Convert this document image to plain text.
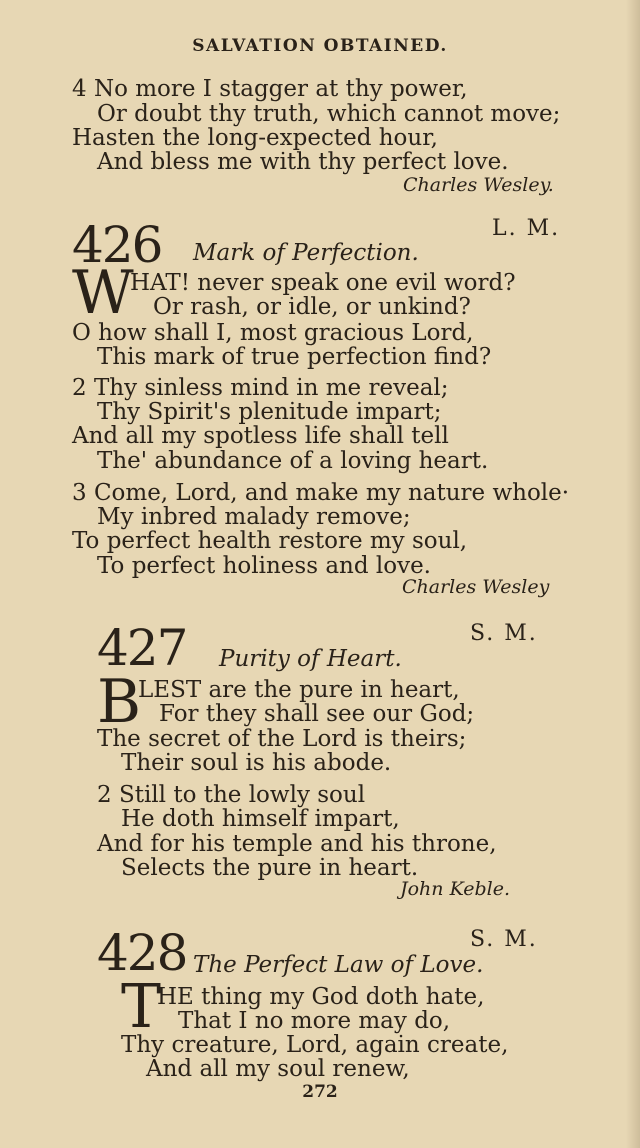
SALVATION OBTAINED.
4 No more I stagger at thy power,
Or doubt thy truth, which cannot move;
Hasten the long-expected hour,
And bless me with thy perfect love.
Charles Wesley.
426	L. M.
Mark of Perfection.
W
HAT! never speak one evil word?
Or rash, or idle, or unkind?
O how shall I, most gracious Lord,
This mark of true perfection find?
2 Thy sinless mind in me reveal;
Thy Spirit's plenitude impart;
And all my spotless life shall tell
The' abundance of a loving heart.
3 Come, Lord, and make my nature whole·
My inbred malady remove;
To perfect health restore my soul,
To perfect holiness and love.
Charles Wesley
427	S. M.
Purity of Heart.
B
LEST are the pure in heart,
For they shall see our God;
The secret of the Lord is theirs;
Their soul is his abode.
2 Still to the lowly soul
He doth himself impart,
And for his temple and his throne,
Selects the pure in heart.
John Keble.
428	S. M.
The Perfect Law of Love.
T
HE thing my God doth hate,
That I no more may do,
Thy creature, Lord, again create,
And all my soul renew,
272
